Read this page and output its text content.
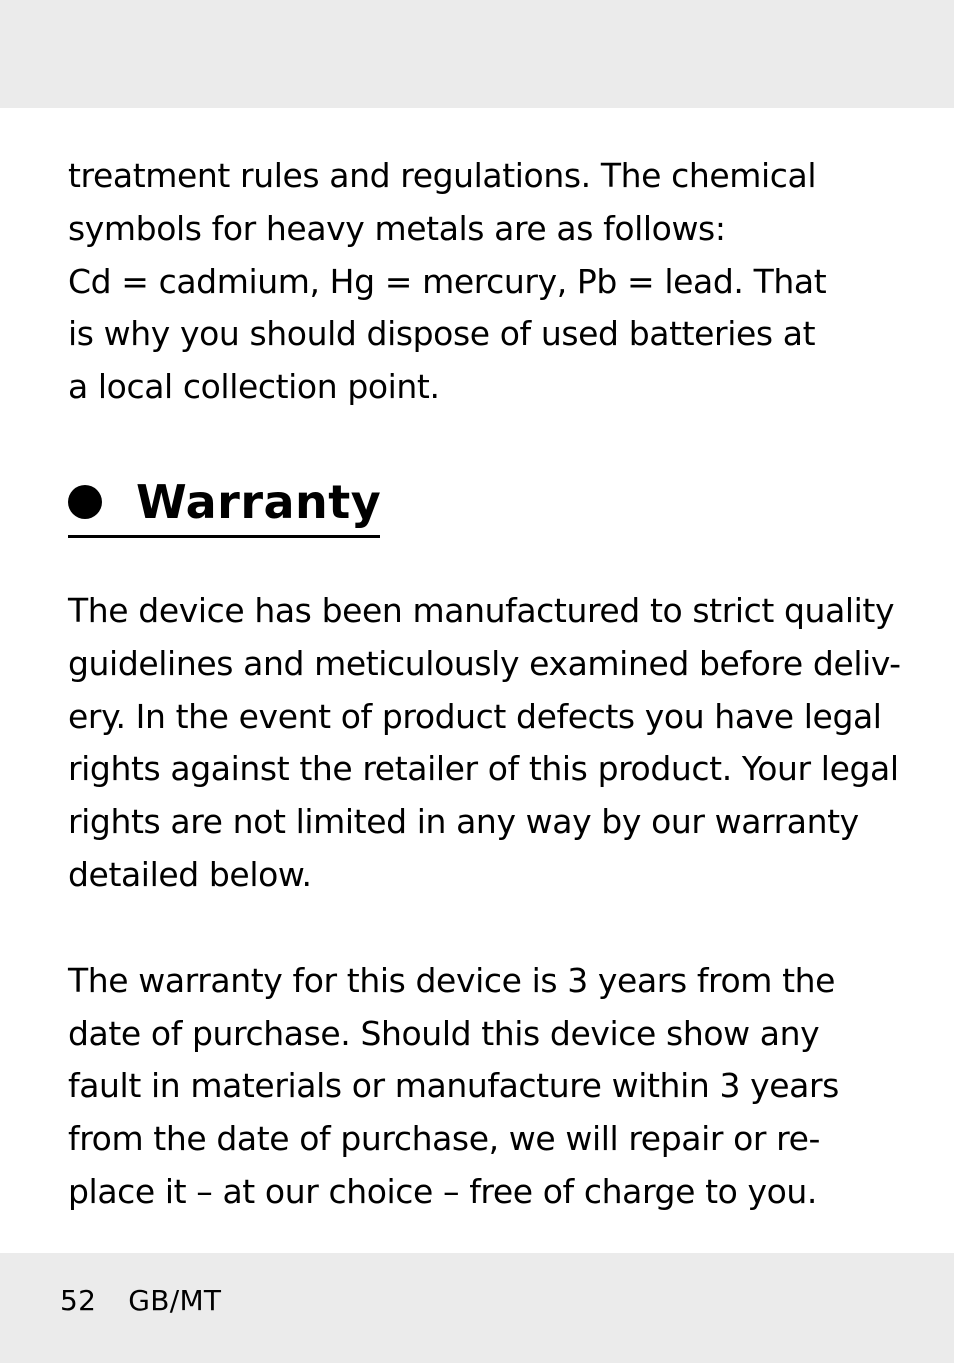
treatment rules and regulations. The chemical
symbols for heavy metals are as follows:
Cd = cadmium, Hg = mercury, Pb = lead. That
is why you should dispose of used batteries at
a local collection point.

Warranty

The device has been manufactured to strict quality
guidelines and meticulously examined before deliv-
ery. In the event of product defects you have legal
rights against the retailer of this product. Your legal
rights are not limited in any way by our warranty
detailed below.

The warranty for this device is 3 years from the
date of purchase. Should this device show any
fault in materials or manufacture within 3 years
from the date of purchase, we will repair or re-
place it – at our choice – free of charge to you.

52 GB/MT
